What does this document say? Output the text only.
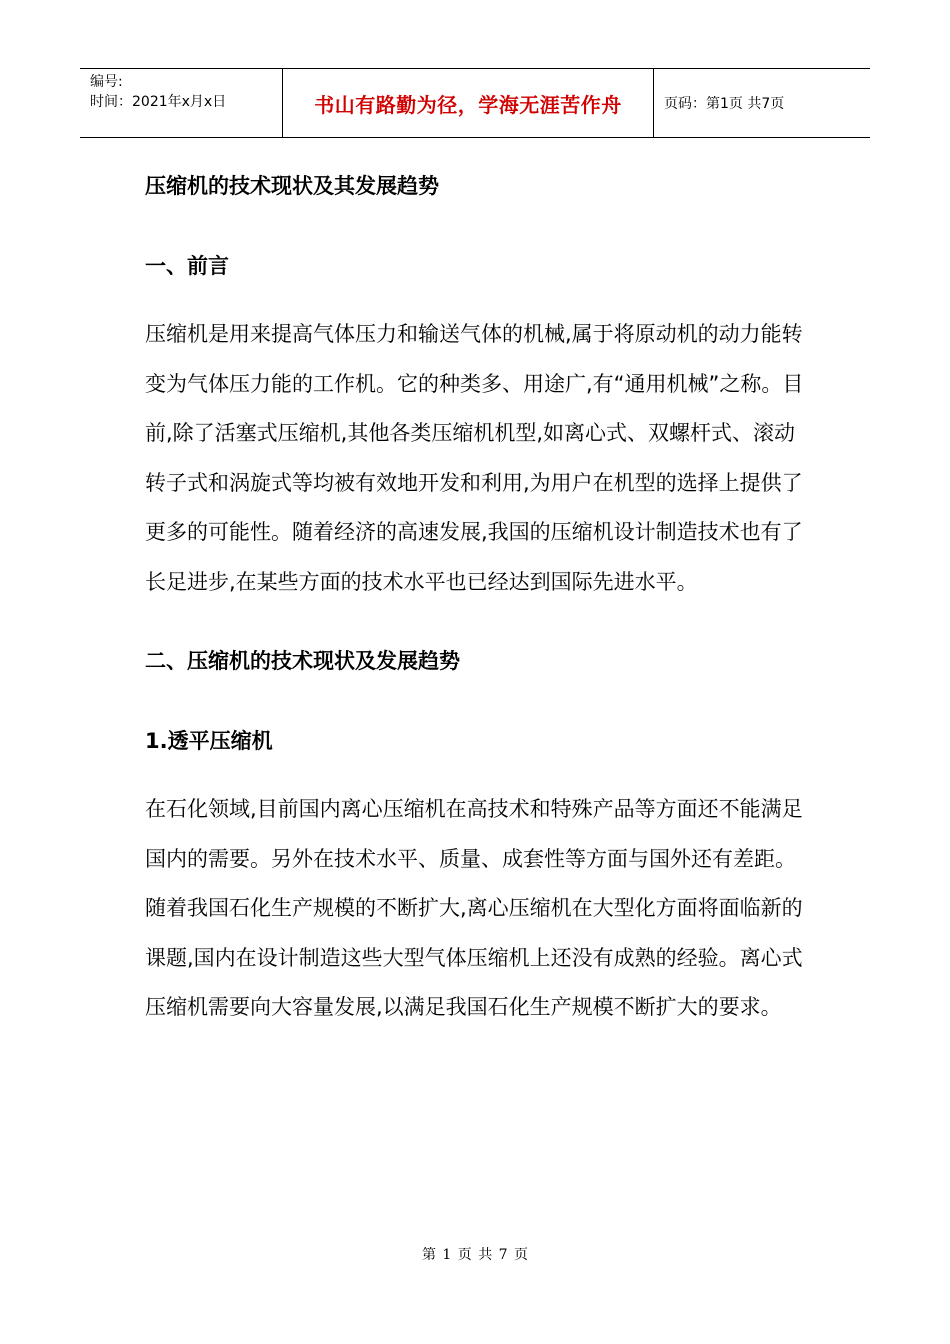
编号:
时间：2021年x月x日	书山有路勤为径，学海无涯苦作舟	页码：第1页 共7页
压缩机的技术现状及其发展趋势
一、前言

压缩机是用来提高气体压力和输送气体的机械,属于将原动机的动力能转变为气体压力能的工作机。它的种类多、用途广,有“通用机械”之称。目前,除了活塞式压缩机,其他各类压缩机机型,如离心式、双螺杆式、滚动转子式和涡旋式等均被有效地开发和利用,为用户在机型的选择上提供了更多的可能性。随着经济的高速发展,我国的压缩机设计制造技术也有了长足进步,在某些方面的技术水平也已经达到国际先进水平。

二、压缩机的技术现状及发展趋势
1.透平压缩机

在石化领域,目前国内离心压缩机在高技术和特殊产品等方面还不能满足国内的需要。另外在技术水平、质量、成套性等方面与国外还有差距。随着我国石化生产规模的不断扩大,离心压缩机在大型化方面将面临新的课题,国内在设计制造这些大型气体压缩机上还没有成熟的经验。离心式压缩机需要向大容量发展,以满足我国石化生产规模不断扩大的要求。

第 1 页 共 7 页
